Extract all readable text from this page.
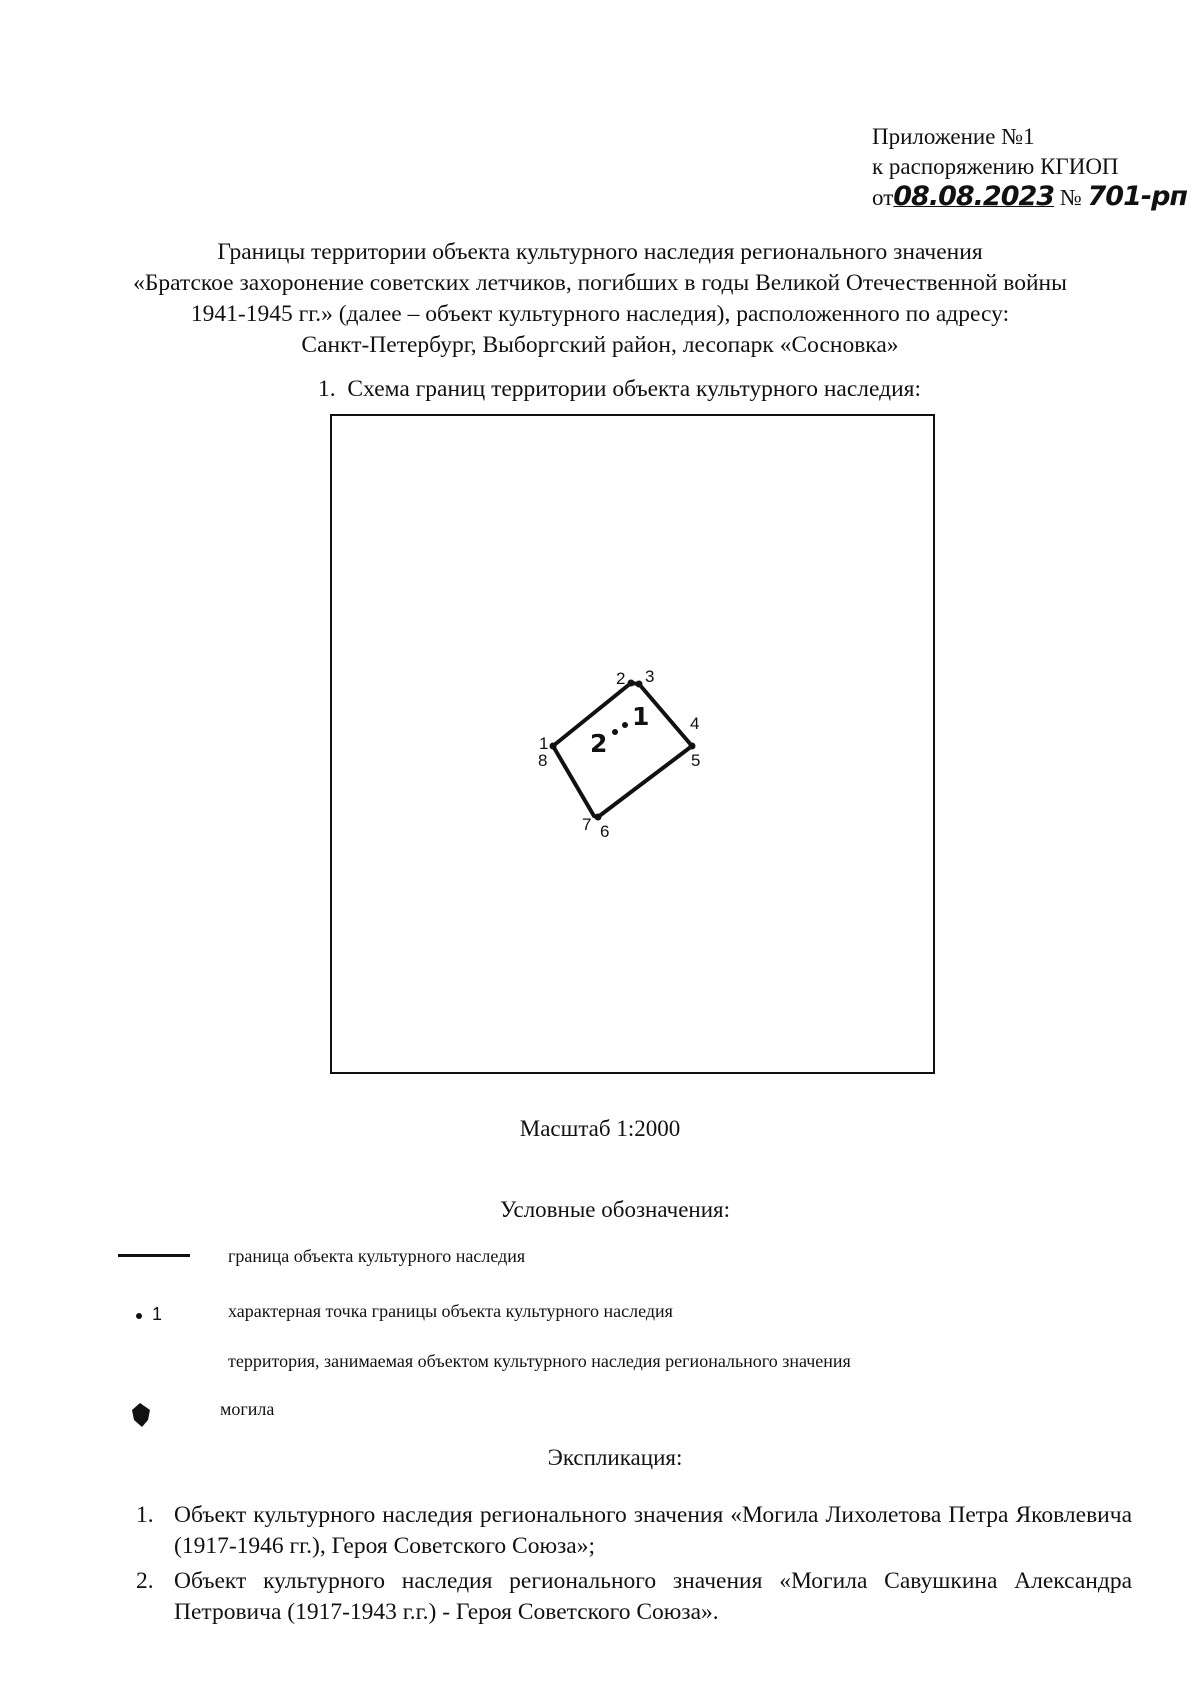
Приложение №1
к распоряжению КГИОП
от08.08.2023 № 701-рп
Границы территории объекта культурного наследия регионального значения
«Братское захоронение советских летчиков, погибших в годы Великой Отечественной войны
1941-1945 гг.» (далее – объект культурного наследия), расположенного по адресу:
Санкт-Петербург, Выборгский район, лесопарк «Сосновка»
1. Схема границ территории объекта культурного наследия:
1
2 3
4
5
6
7
8
1
2
Масштаб 1:2000
Условные обозначения:
граница объекта культурного наследия
1	характерная точка границы объекта культурного наследия
территория, занимаемая объектом культурного наследия регионального значения
могила
Экспликация:
1. Объект культурного наследия регионального значения «Могила Лихолетова Петра Яковлевича (1917-1946 гг.), Героя Советского Союза»;
2. Объект культурного наследия регионального значения «Могила Савушкина Александра Петровича (1917-1943 г.г.) - Героя Советского Союза».
